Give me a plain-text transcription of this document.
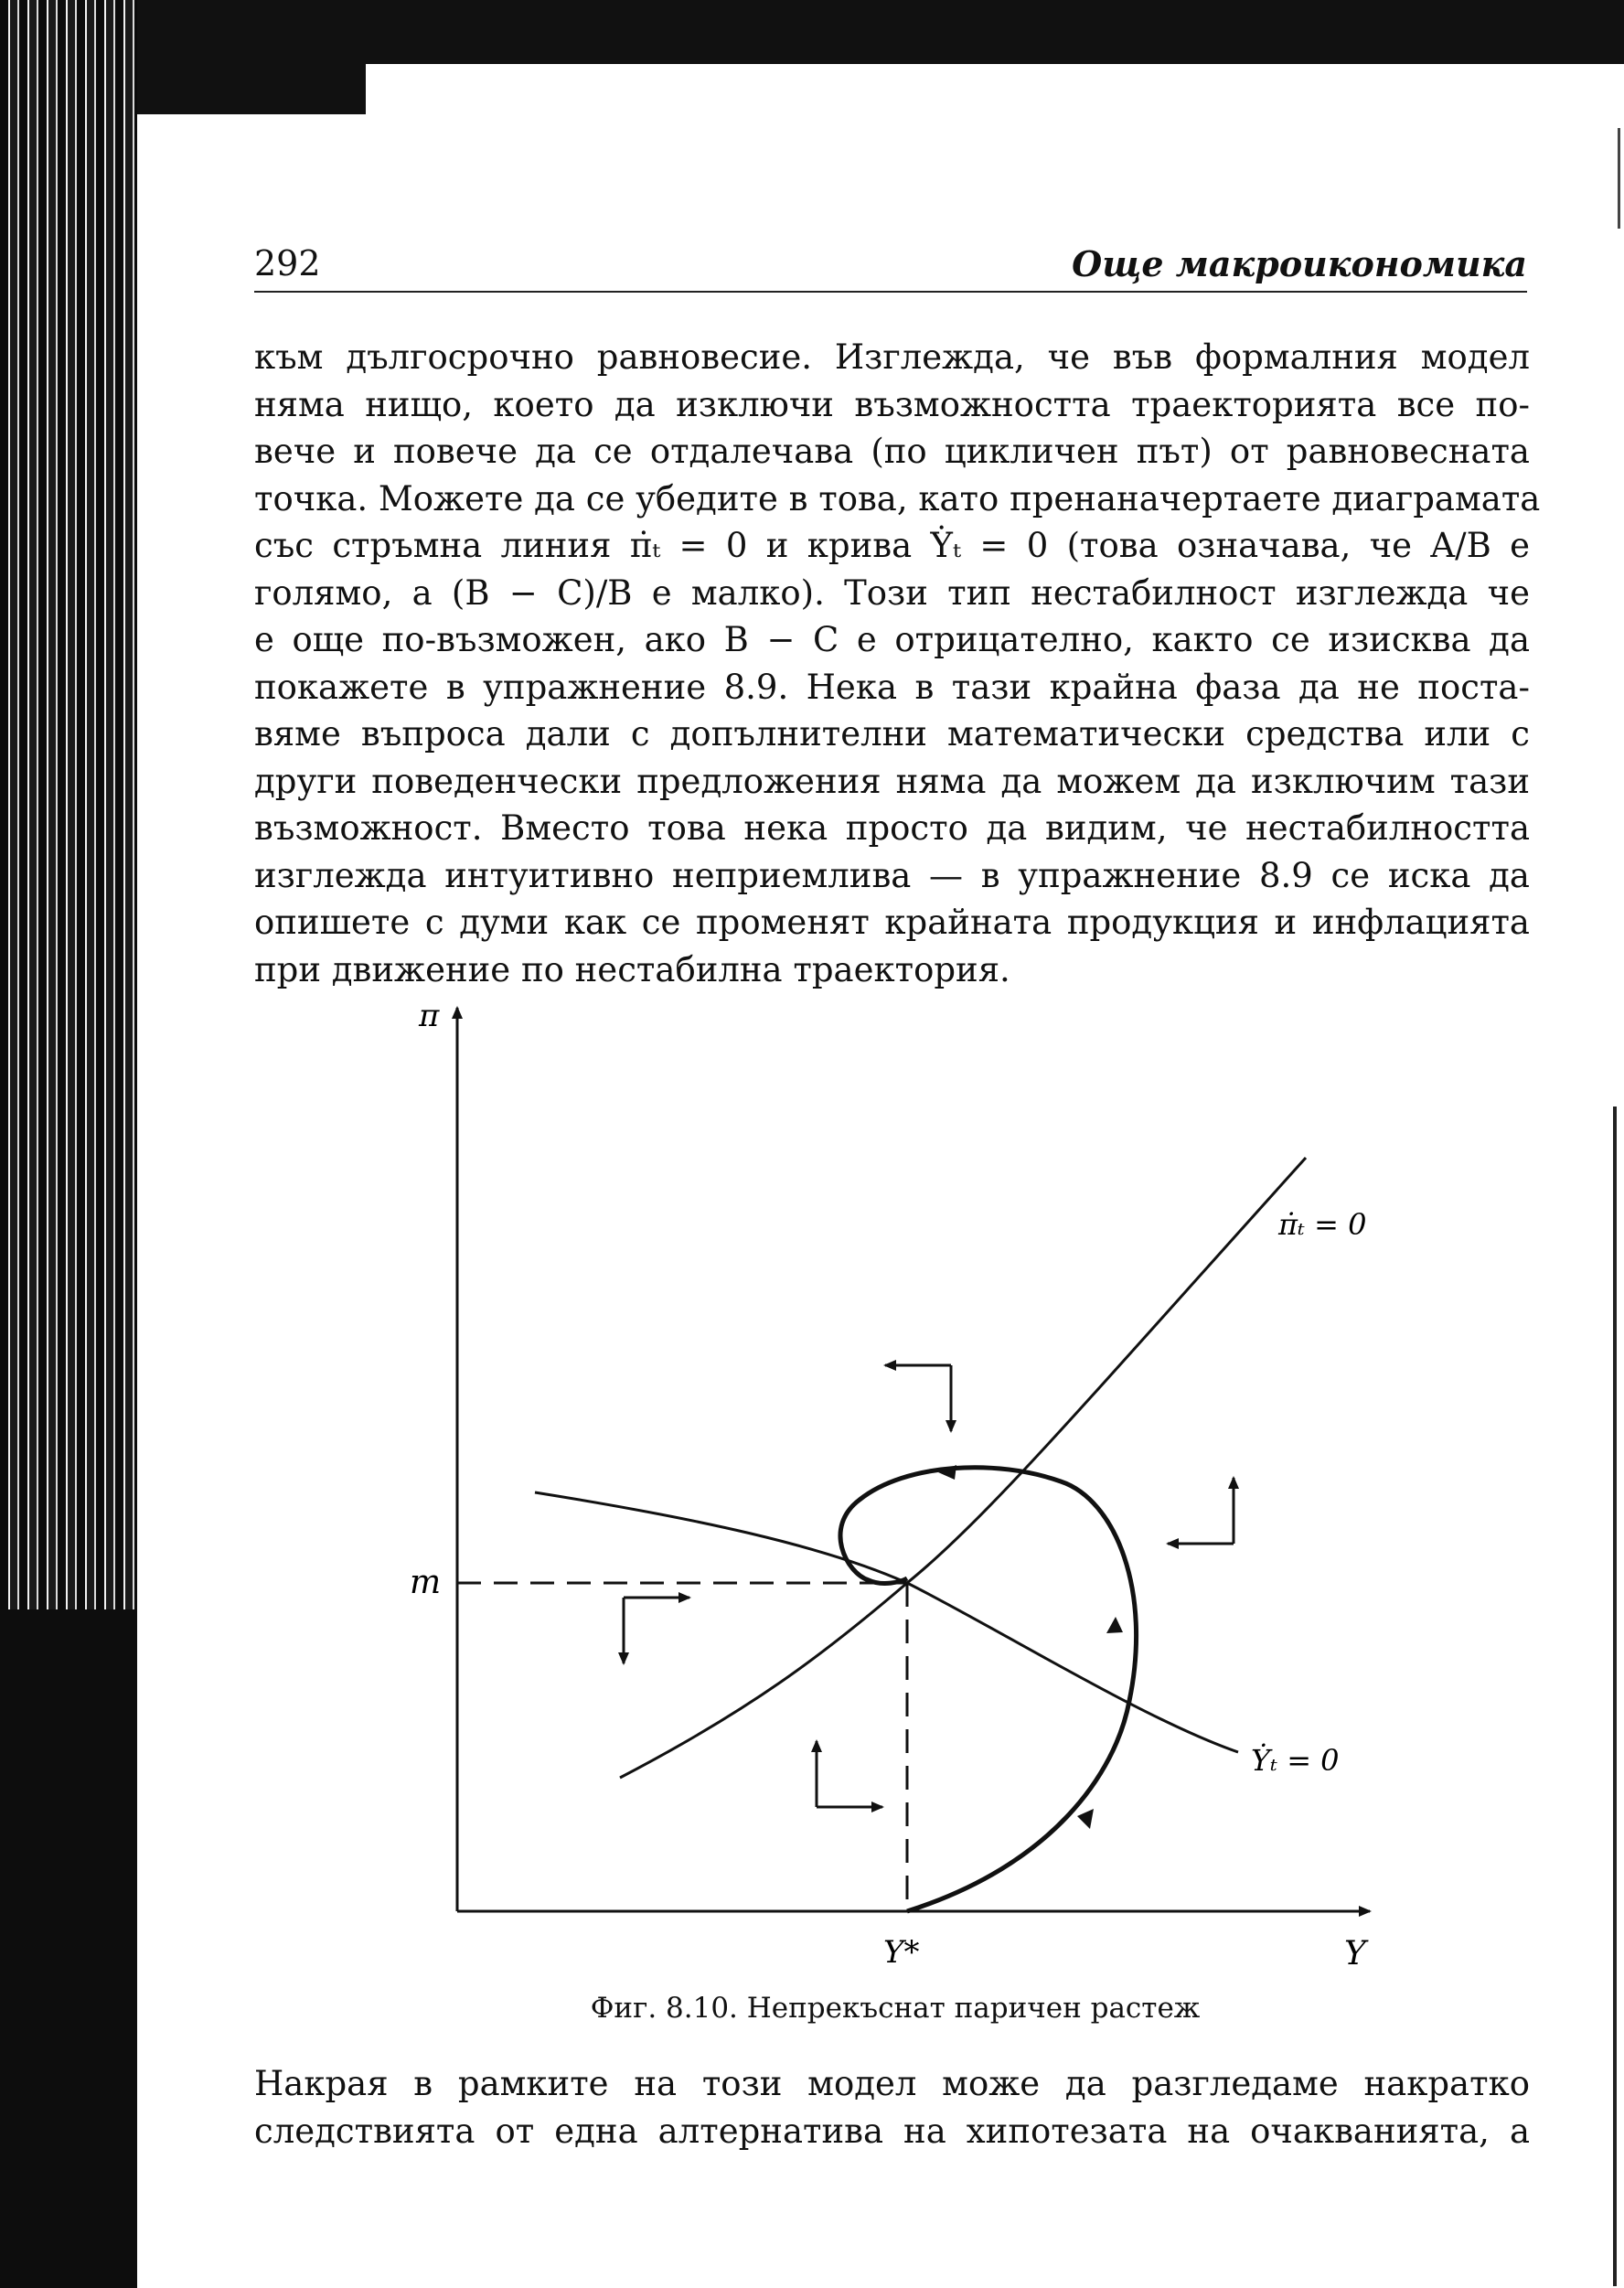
292	Още макроикономика
към дългосрочно равновесие. Изглежда, че във формалния модел
няма нищо, което да изключи възможността траекторията все по-
вече и повече да се отдалечава (по цикличен път) от равновесната
точка. Можете да се убедите в това, като пренаначертаете диаграмата
със стръмна линия π̇ₜ = 0 и крива Ẏₜ = 0 (това означава, че A/B е
голямо, а (B − C)/B е малко). Този тип нестабилност изглежда че
е още по-възможен, ако B − C е отрицателно, както се изисква да
покажете в упражнение 8.9. Нека в тази крайна фаза да не поста-
вяме въпроса дали с допълнителни математически средства или с
други поведенчески предложения няма да можем да изключим тази
възможност. Вместо това нека просто да видим, че нестабилността
изглежда интуитивно неприемлива — в упражнение 8.9 се иска да
опишете с думи как се променят крайната продукция и инфлацията
при движение по нестабилна траектория.
π
Y
m
Y*
π̇ₜ = 0
Ẏₜ = 0
Фиг. 8.10. Непрекъснат паричен растеж
Накрая в рамките на този модел може да разгледаме накратко
следствията от една алтернатива на хипотезата на очакванията, а
